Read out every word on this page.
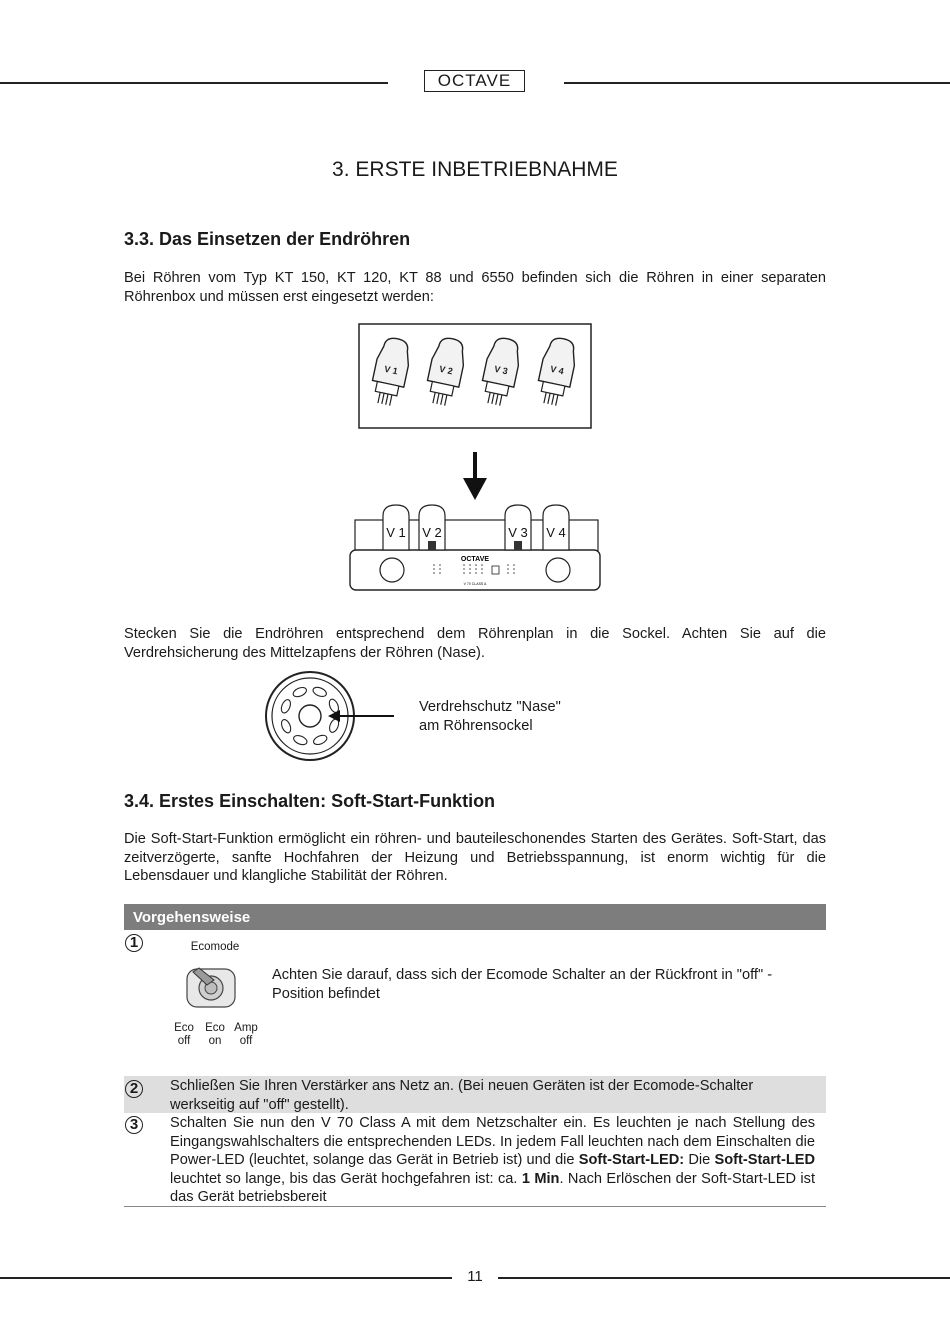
OCTAVE
3. ERSTE INBETRIEBNAHME
3.3. Das Einsetzen der Endröhren
Bei Röhren vom Typ KT 150, KT 120, KT 88 und 6550 befinden sich die Röhren in einer separaten Röhrenbox und müssen erst eingesetzt werden:
V 1	V 2	V 3	V 4
V 1 V 2	V 3 V 4
OCTAVE
V 70 CLASS A
Stecken Sie die Endröhren entsprechend dem Röhrenplan in die Sockel. Achten Sie auf die Verdrehsicherung des Mittelzapfens der Röhren (Nase).
Verdrehschutz "Nase"
am Röhrensockel
3.4. Erstes Einschalten: Soft-Start-Funktion
Die Soft-Start-Funktion ermöglicht ein röhren- und bauteileschonendes Starten des Gerätes. Soft-Start, das zeitverzögerte, sanfte Hochfahren der Heizung und Betriebsspannung, ist enorm wichtig für die Lebensdauer und klangliche Stabilität der Röhren.
Vorgehensweise
1	Ecomode
Eco
off
Eco
on
Amp
off
Achten Sie darauf, dass sich der Ecomode Schalter an der Rückfront in "off" - Position befindet
2	Schließen Sie Ihren Verstärker ans Netz an. (Bei neuen Geräten ist der Ecomode-Schalter werkseitig auf "off" gestellt).
3	Schalten Sie nun den V 70 Class A mit dem Netzschalter ein. Es leuchten je nach Stellung des Eingangswahlschalters die entsprechenden LEDs. In jedem Fall leuchten nach dem Einschalten die Power-LED (leuchtet, solange das Gerät in Betrieb ist) und die Soft-Start-LED: Die Soft-Start-LED leuchtet so lange, bis das Gerät hochgefahren ist: ca. 1 Min. Nach Erlöschen der Soft-Start-LED ist das Gerät betriebsbereit
11
